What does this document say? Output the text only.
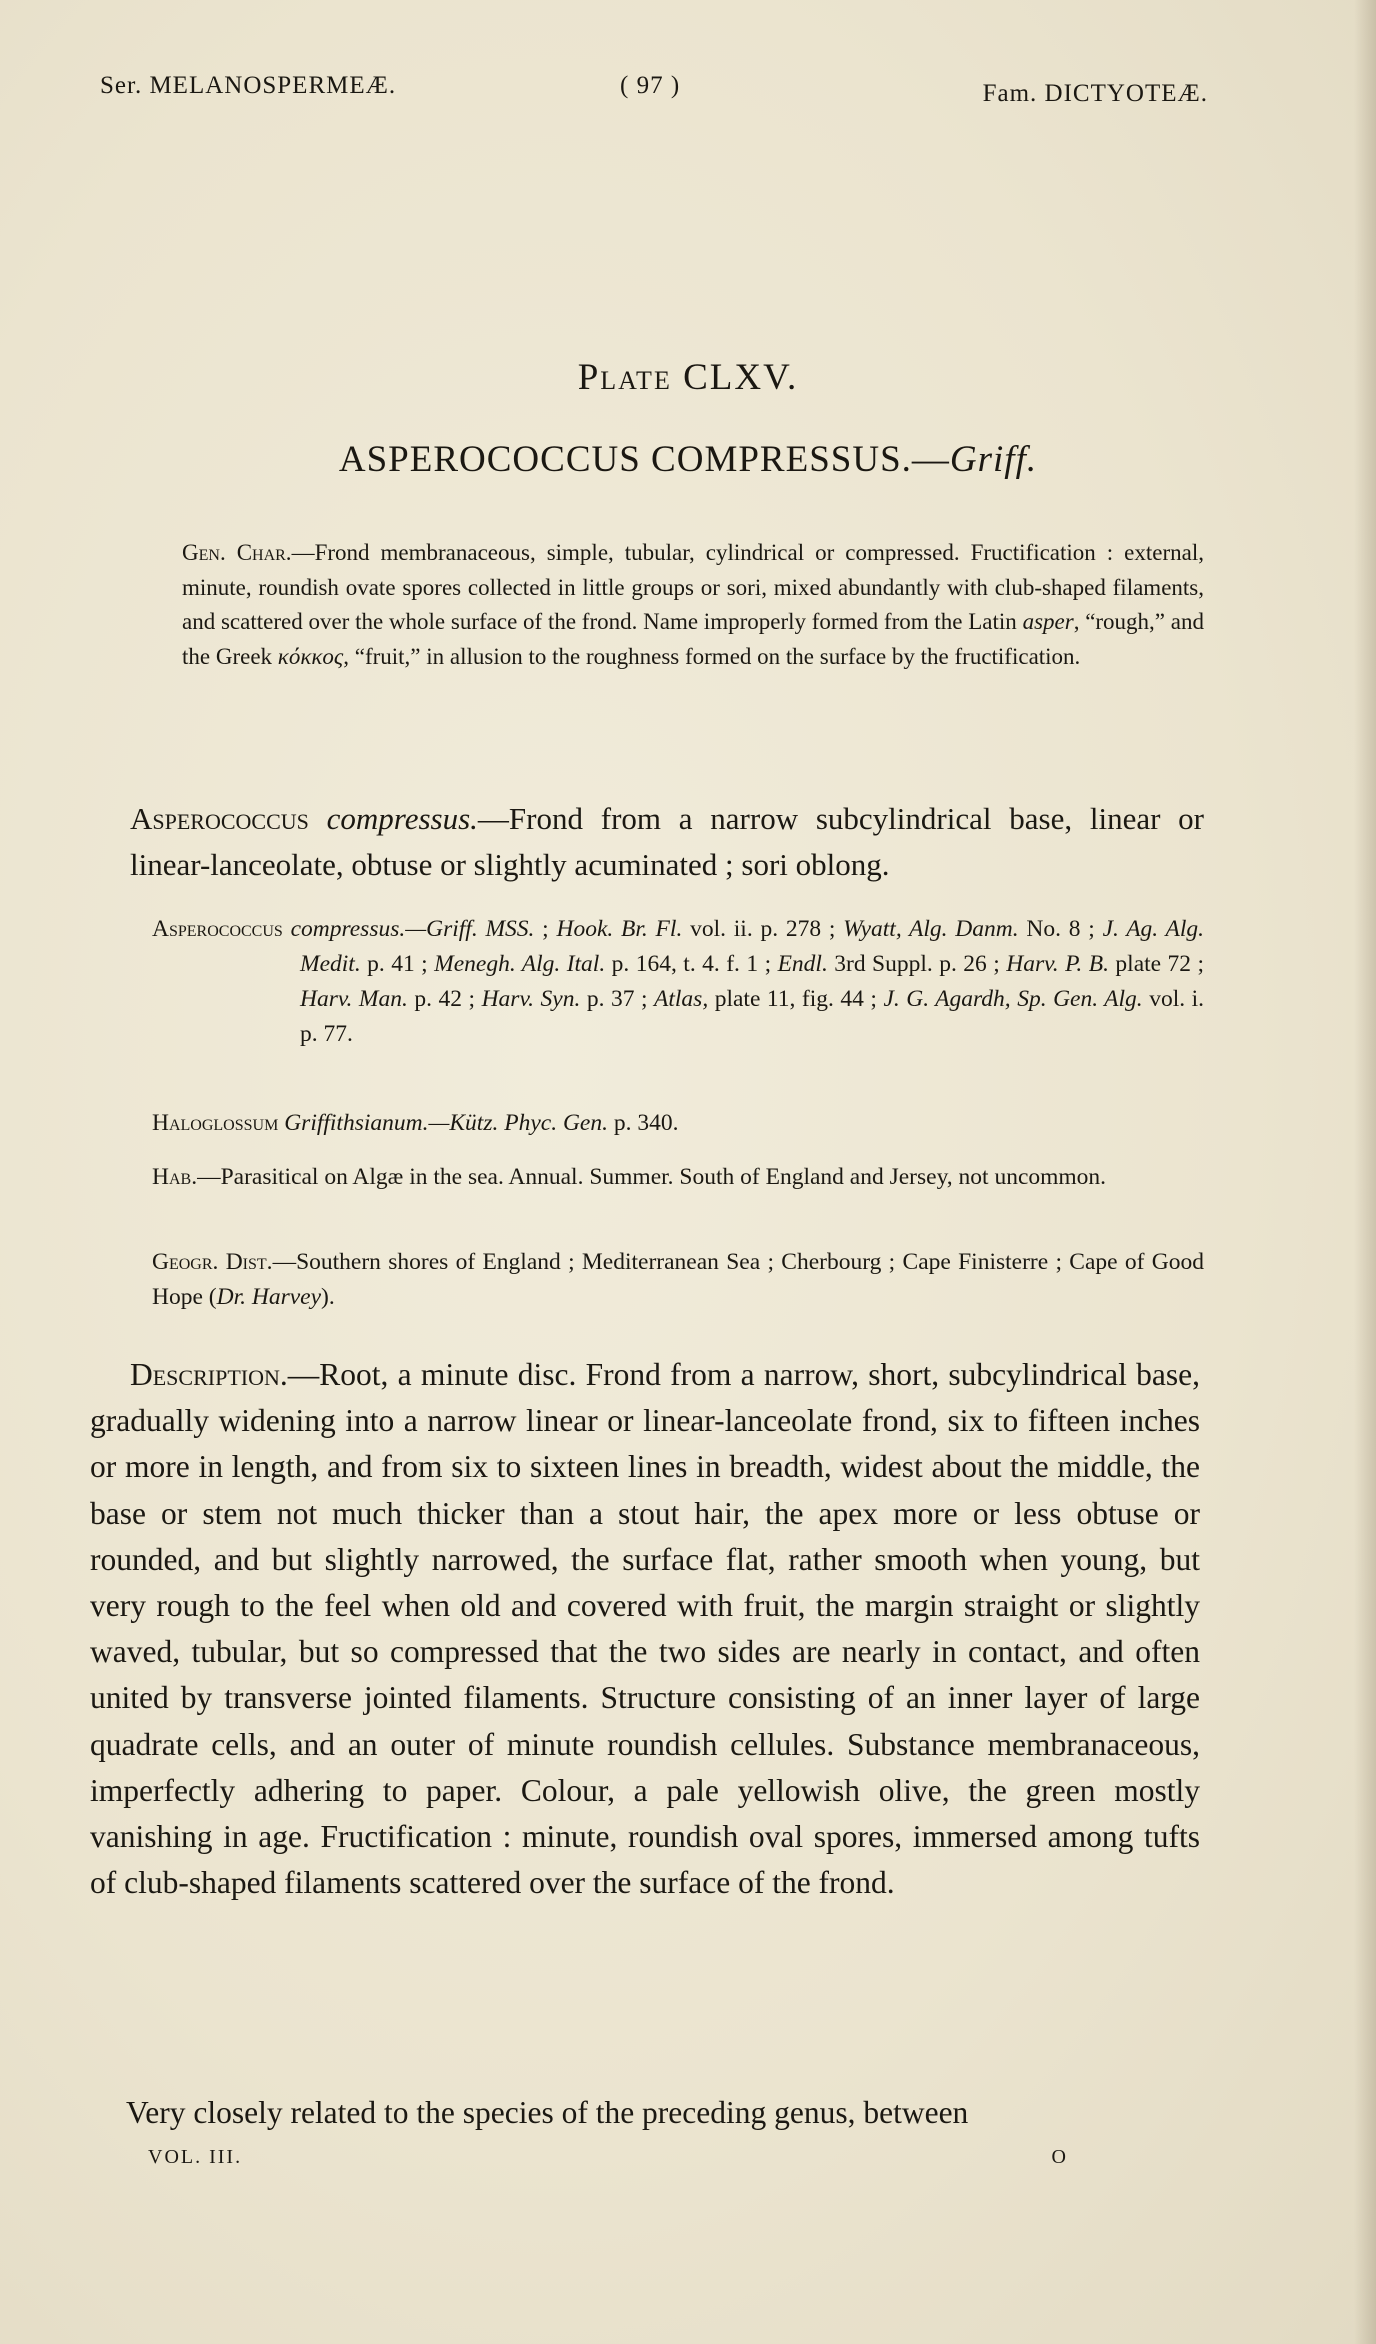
Ser. MELANOSPERMEÆ.	( 97 )	Fam. DICTYOTEÆ.
Plate CLXV.
ASPEROCOCCUS COMPRESSUS.—Griff.
Gen. Char.—Frond membranaceous, simple, tubular, cylindrical or compressed. Fructification : external, minute, roundish ovate spores collected in little groups or sori, mixed abundantly with club-shaped filaments, and scattered over the whole surface of the frond. Name improperly formed from the Latin asper, “rough,” and the Greek κόκκος, “fruit,” in allusion to the roughness formed on the surface by the fructification.

Asperococcus compressus.—Frond from a narrow subcylindrical base, linear or linear-lanceolate, obtuse or slightly acuminated ; sori oblong.

Asperococcus compressus.—Griff. MSS. ; Hook. Br. Fl. vol. ii. p. 278 ; Wyatt, Alg. Danm. No. 8 ; J. Ag. Alg. Medit. p. 41 ; Menegh. Alg. Ital. p. 164, t. 4. f. 1 ; Endl. 3rd Suppl. p. 26 ; Harv. P. B. plate 72 ; Harv. Man. p. 42 ; Harv. Syn. p. 37 ; Atlas, plate 11, fig. 44 ; J. G. Agardh, Sp. Gen. Alg. vol. i. p. 77.
Haloglossum Griffithsianum.—Kütz. Phyc. Gen. p. 340.
Hab.—Parasitical on Algæ in the sea. Annual. Summer. South of England and Jersey, not uncommon.
Geogr. Dist.—Southern shores of England ; Mediterranean Sea ; Cherbourg ; Cape Finisterre ; Cape of Good Hope (Dr. Harvey).

Description.—Root, a minute disc. Frond from a narrow, short, subcylindrical base, gradually widening into a narrow linear or linear-lanceolate frond, six to fifteen inches or more in length, and from six to sixteen lines in breadth, widest about the middle, the base or stem not much thicker than a stout hair, the apex more or less obtuse or rounded, and but slightly narrowed, the surface flat, rather smooth when young, but very rough to the feel when old and covered with fruit, the margin straight or slightly waved, tubular, but so compressed that the two sides are nearly in contact, and often united by transverse jointed filaments. Structure consisting of an inner layer of large quadrate cells, and an outer of minute roundish cellules. Substance membranaceous, imperfectly adhering to paper. Colour, a pale yellowish olive, the green mostly vanishing in age. Fructification : minute, roundish oval spores, immersed among tufts of club-shaped filaments scattered over the surface of the frond.

Very closely related to the species of the preceding genus, between

VOL. III.	O
